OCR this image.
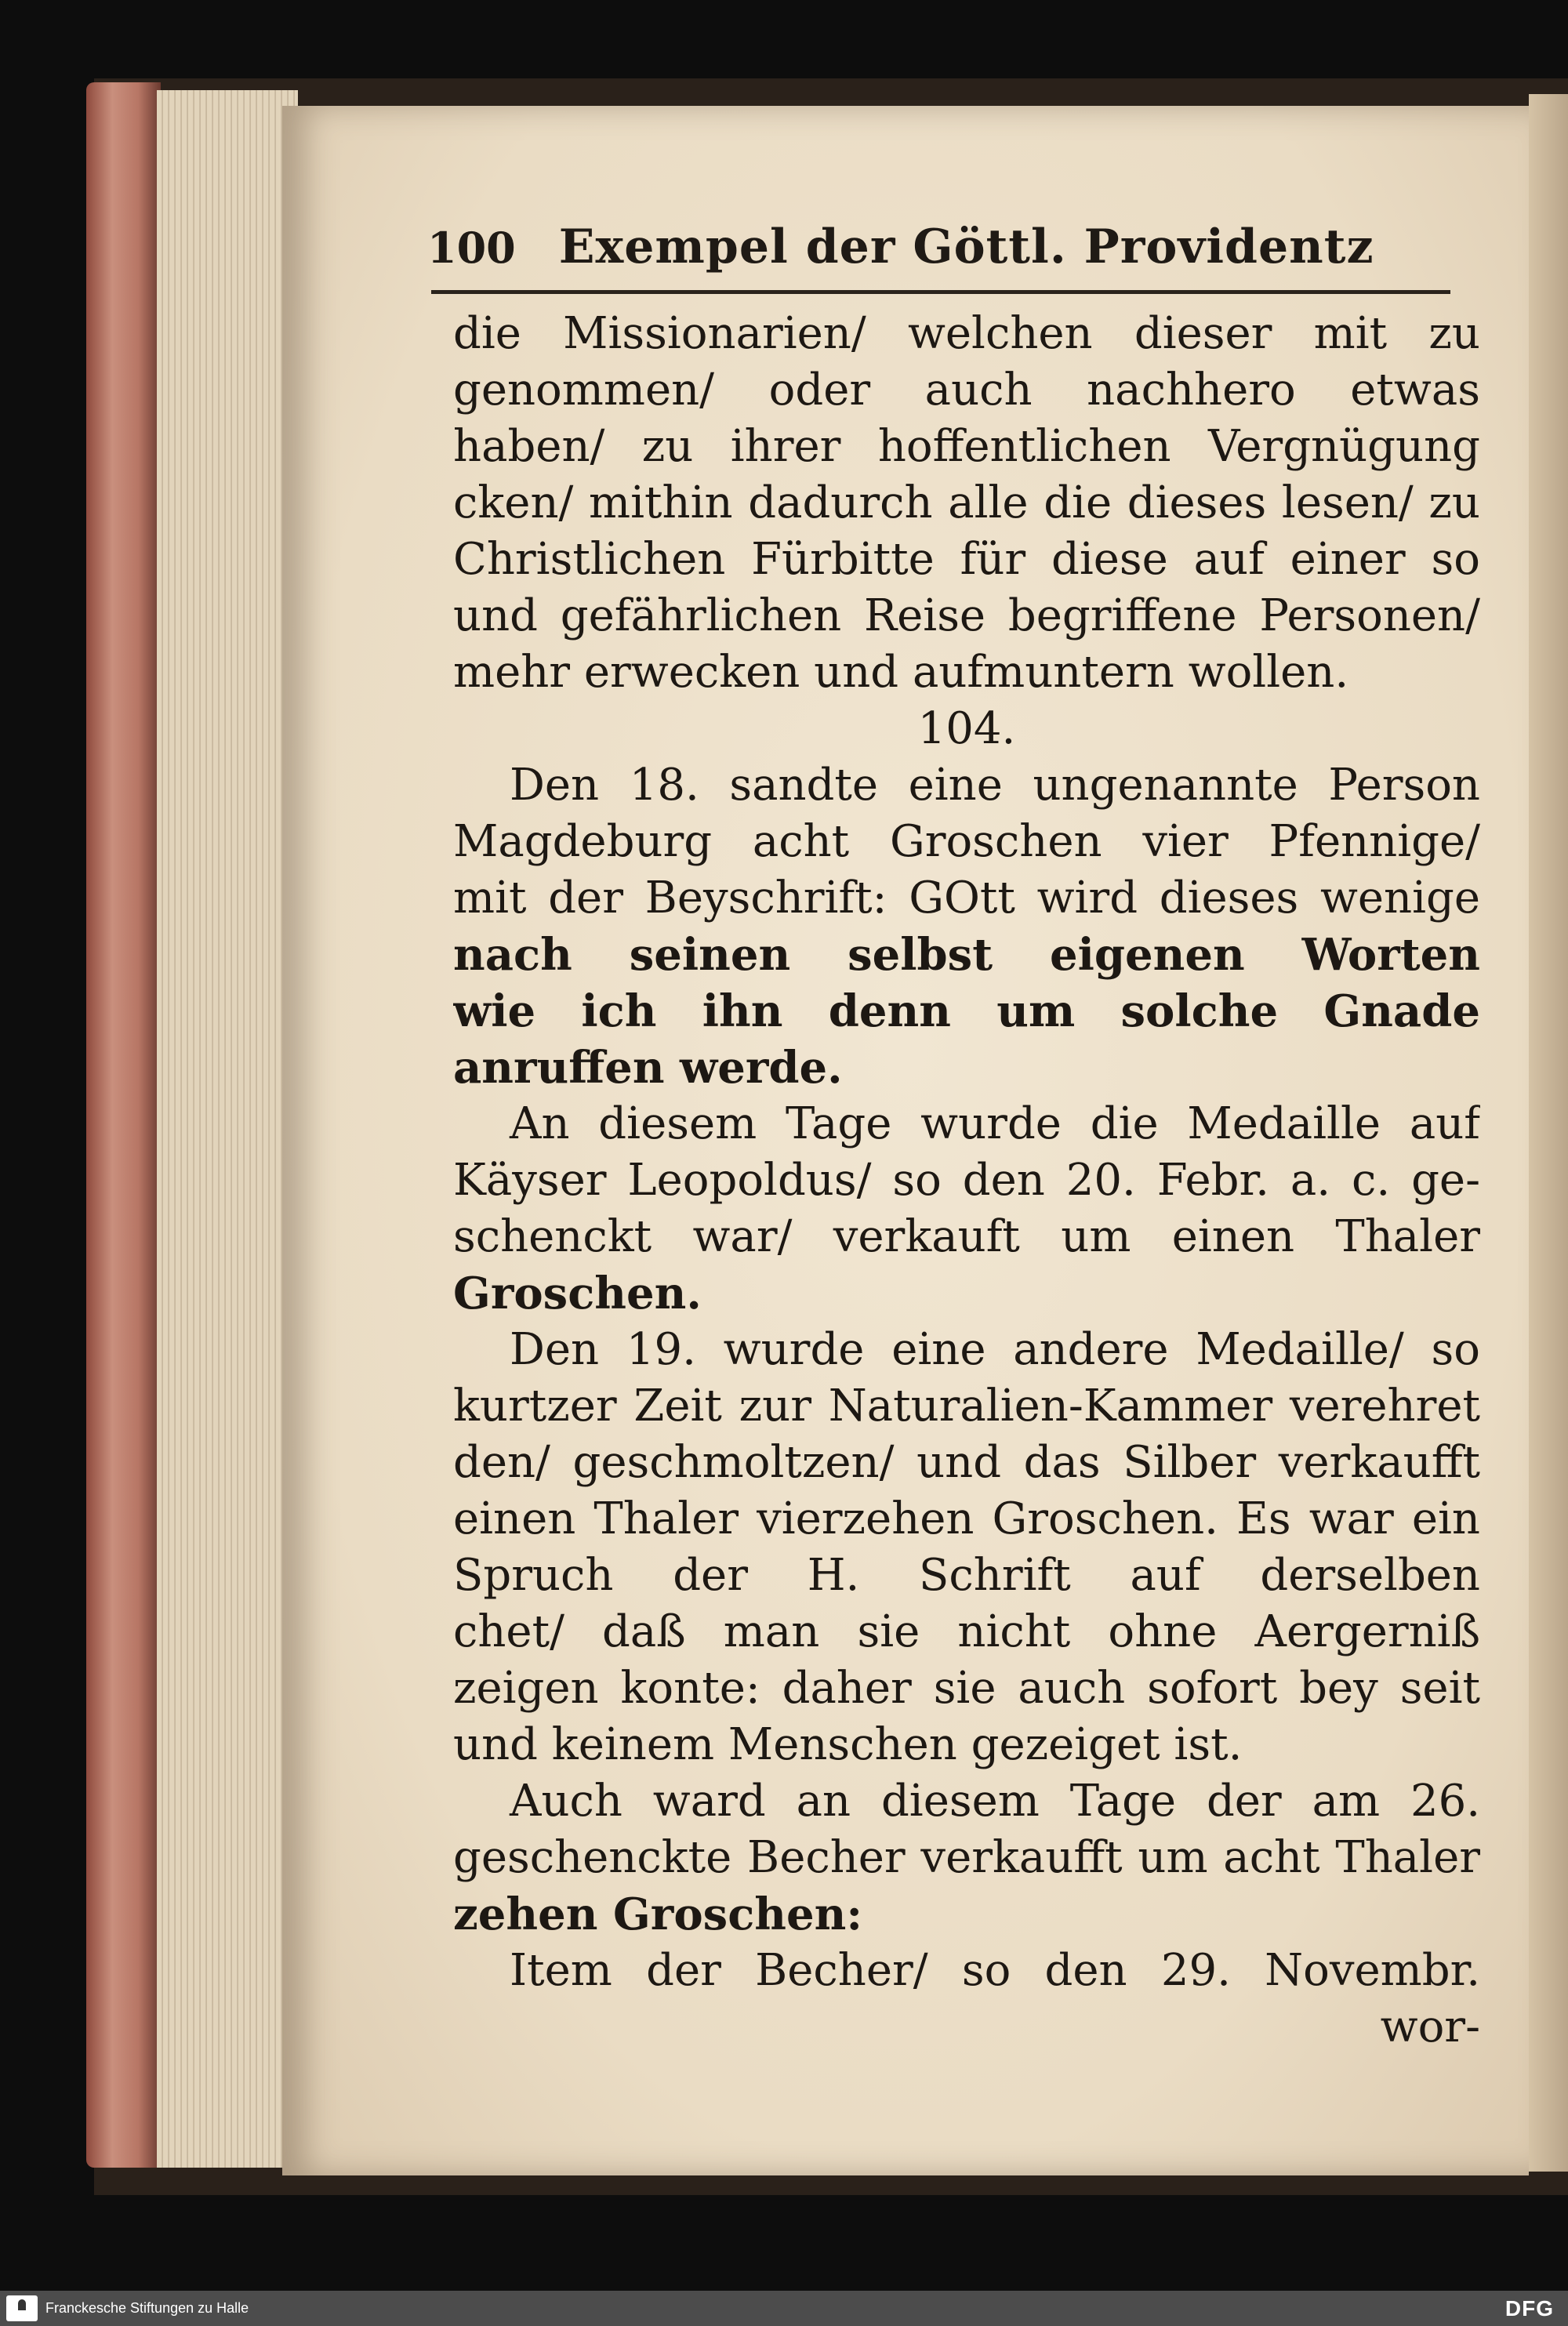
100 Exempel der Göttl. Providentz
die Missionarien/ welchen dieser mit zu
genommen/ oder auch nachhero etwas
haben/ zu ihrer hoffentlichen Vergnügung
cken/ mithin dadurch alle die dieses lesen/ zu
Christlichen Fürbitte für diese auf einer so
und gefährlichen Reise begriffene Personen/
mehr erwecken und aufmuntern wollen.
104.
Den 18. sandte eine ungenannte Person
Magdeburg acht Groschen vier Pfennige/
mit der Beyschrift: GOtt wird dieses wenige
nach seinen selbst eigenen Worten
wie ich ihn denn um solche Gnade
anruffen werde.
An diesem Tage wurde die Medaille auf
Käyser Leopoldus/ so den 20. Febr. a. c. ge-
schenckt war/ verkauft um einen Thaler
Groschen.
Den 19. wurde eine andere Medaille/ so
kurtzer Zeit zur Naturalien-Kammer verehret
den/ geschmoltzen/ und das Silber verkaufft
einen Thaler vierzehen Groschen. Es war ein
Spruch der H. Schrift auf derselben
chet/ daß man sie nicht ohne Aergerniß
zeigen konte: daher sie auch sofort bey seit
und keinem Menschen gezeiget ist.
Auch ward an diesem Tage der am 26.
geschenckte Becher verkaufft um acht Thaler
zehen Groschen:
Item der Becher/ so den 29. Novembr.
wor-
Franckesche Stiftungen zu Halle	DFG
